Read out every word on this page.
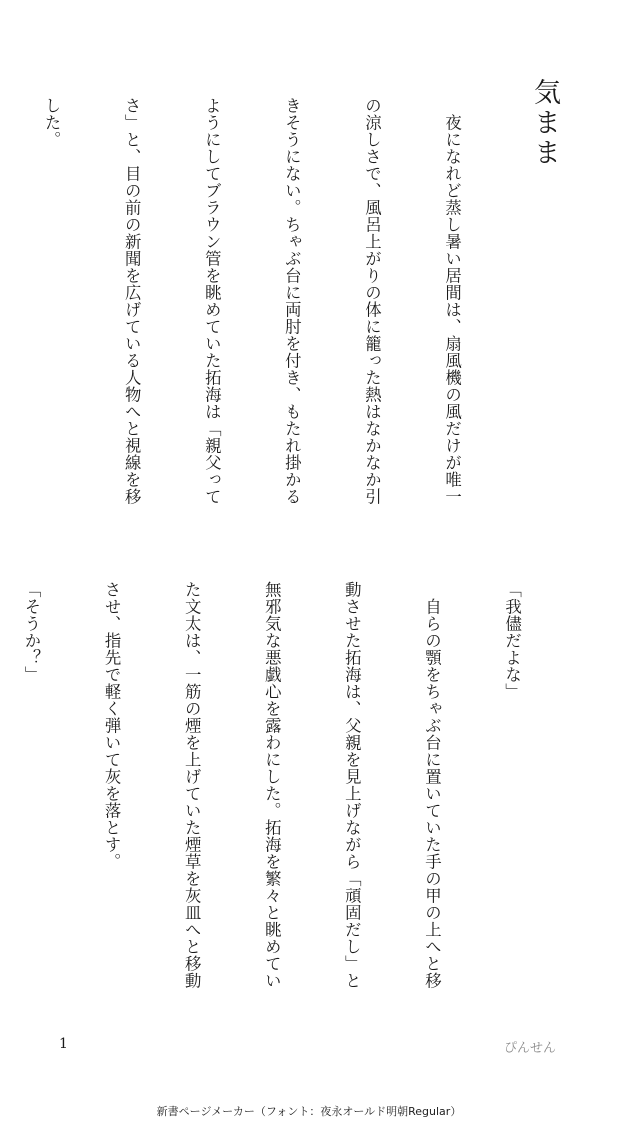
気まま

　夜になれど蒸し暑い居間は、扇風機の風だけが唯一

の涼しさで、風呂上がりの体に籠った熱はなかなか引

きそうにない。ちゃぶ台に両肘を付き、もたれ掛かる

ようにしてブラウン管を眺めていた拓海は「親父って

さ」と、目の前の新聞を広げている人物へと視線を移

した。

「我儘だよな」

　自らの顎をちゃぶ台に置いていた手の甲の上へと移

動させた拓海は、父親を見上げながら「頑固だし」と

無邪気な悪戯心を露わにした。拓海を繁々と眺めてい

た文太は、一筋の煙を上げていた煙草を灰皿へと移動

させ、指先で軽く弾いて灰を落とす。

「そうか？」

1	ぴんせん
新書ページメーカー（フォント：夜永オールド明朝Regular）
